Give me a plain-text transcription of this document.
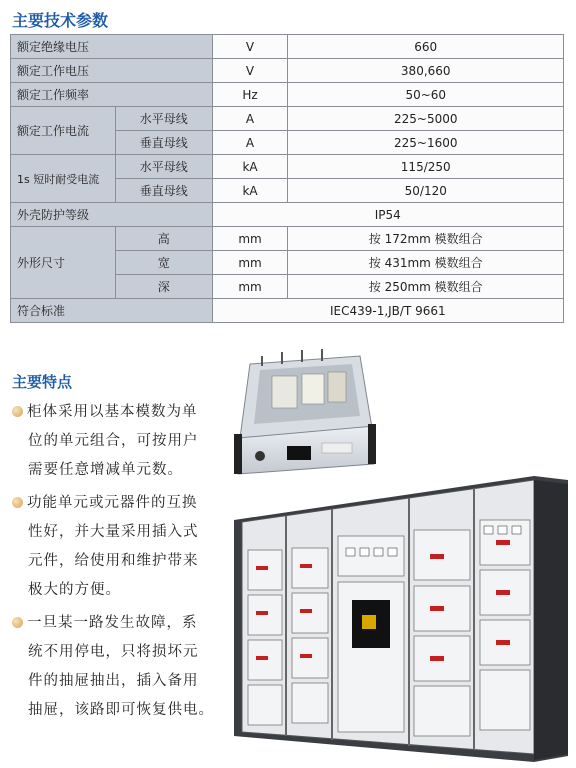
主要技术参数
额定绝缘电压		V	660
额定工作电压		V	380,660
额定工作频率		Hz	50~60
额定工作电流	水平母线	A	225~5000
	垂直母线	A	225~1600
1s 短时耐受电流	水平母线	kA	115/250
	垂直母线	kA	50/120
外壳防护等级		IP54	
外形尺寸	高	mm	按 172mm 模数组合
	宽	mm	按 431mm 模数组合
	深	mm	按 250mm 模数组合
符合标准		IEC439-1,JB/T 9661	
主要特点
柜体采用以基本模数为单
位的单元组合，可按用户
需要任意增减单元数。
功能单元或元器件的互换
性好，并大量采用插入式
元件，给使用和维护带来
极大的方便。
一旦某一路发生故障，系
统不用停电，只将损坏元
件的抽屉抽出，插入备用
抽屉，该路即可恢复供电。
